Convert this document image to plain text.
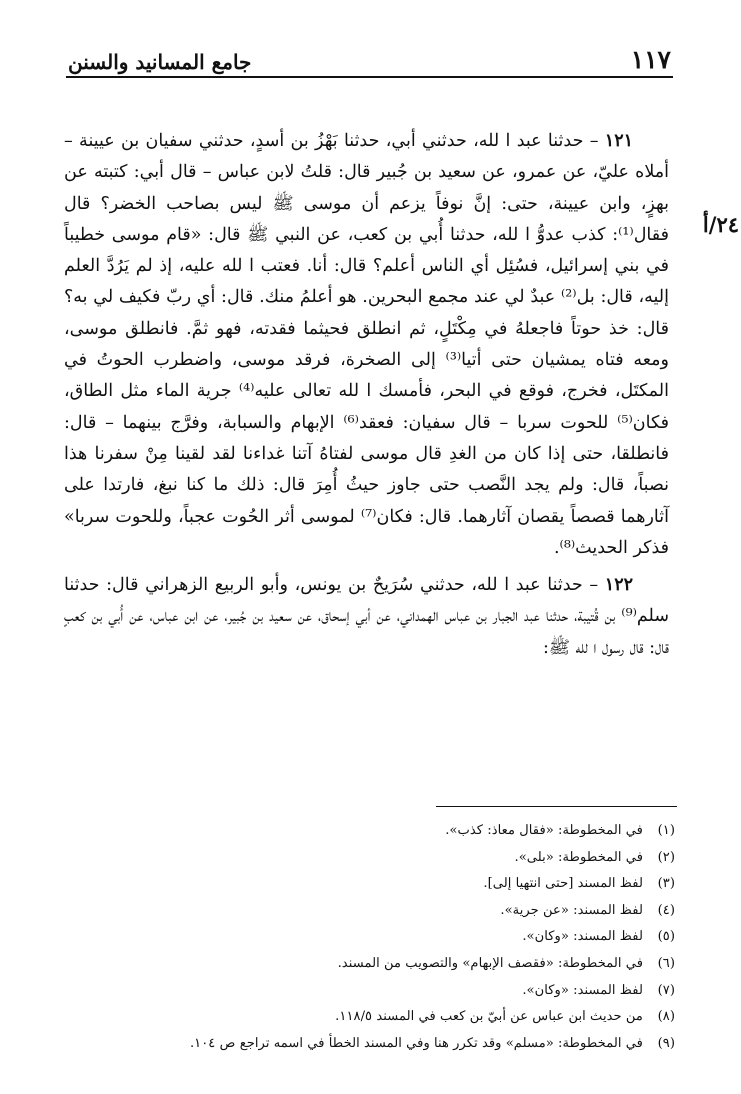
١١٧
جامع المسانيد والسنن
٢٤/أ

١٢١ – حدثنا عبد ا لله، حدثني أبي، حدثنا بَهْزُ بن أسدٍ، حدثني سفيان بن عيينة – أملاه عليّ، عن عمرو، عن سعيد بن جُبير قال: قلتُ لابن عباس – قال أبي: كتبته عن بهزٍ، وابن عيينة، حتى: إنَّ نوفاً يزعم أن موسى ﷺ ليس بصاحب الخضر؟ قال فقال⁽¹⁾: كذب عدوُّ ا لله، حدثنا أُبي بن كعب، عن النبي ﷺ قال: «قام موسى خطيباً في بني إسرائيل، فسُئِل أي الناس أعلم؟ قال: أنا. فعتب ا لله عليه، إذ لم يَرُدَّ العلم إليه، قال: بل⁽²⁾ عبدٌ لي عند مجمع البحرين. هو أعلمُ منك. قال: أي ربّ فكيف لي به؟ قال: خذ حوتاً فاجعلهُ في مِكْتَلٍ، ثم انطلق فحيثما فقدته، فهو ثمَّ. فانطلق موسى، ومعه فتاه يمشيان حتى أتيا⁽³⁾ إلى الصخرة، فرقد موسى، واضطرب الحوتُ في المكتَل، فخرج، فوقع في البحر، فأمسك ا لله تعالى عليه⁽⁴⁾ جرية الماء مثل الطاق، فكان⁽⁵⁾ للحوت سربا – قال سفيان: فعقد⁽⁶⁾ الإبهام والسبابة، وفرَّج بينهما – قال: فانطلقا، حتى إذا كان من الغدِ قال موسى لفتاهُ آتنا غداءنا لقد لقينا مِنْ سفرنا هذا نصباً، قال: ولم يجد النَّصب حتى جاوز حيثُ أُمِرَ قال: ذلك ما كنا نبغ، فارتدا على آثارهما قصصاً يقصان آثارهما. قال: فكان⁽⁷⁾ لموسى أثر الحُوت عجباً، وللحوت سربا» فذكر الحديث⁽⁸⁾.

١٢٢ – حدثنا عبد ا لله، حدثني سُرَيحٌ بن يونس، وأبو الربيع الزهراني قال: حدثنا سلم⁽⁹⁾ بن قُتيبة، حدثنا عبد الجبار بن عباس الهمداني، عن أبي إسحاق، عن سعيد بن جُبير، عن ابن عباس، عن أُبي بن كعبٍ قال: قال رسول ا لله ﷺ:

(١)
في المخطوطة: «فقال معاذ: كذب».
(٢)
في المخطوطة: «بلى».
(٣)
لفظ المسند [حتى انتهيا إلى].
(٤)
لفظ المسند: «عن جرية».
(٥)
لفظ المسند: «وكان».
(٦)
في المخطوطة: «فقصف الإبهام» والتصويب من المسند.
(٧)
لفظ المسند: «وكان».
(٨)
من حديث ابن عباس عن أبيّ بن كعب في المسند ١١٨/٥.
(٩)
في المخطوطة: «مسلم» وقد تكرر هنا وفي المسند الخطأ في اسمه تراجع ص ١٠٤.
